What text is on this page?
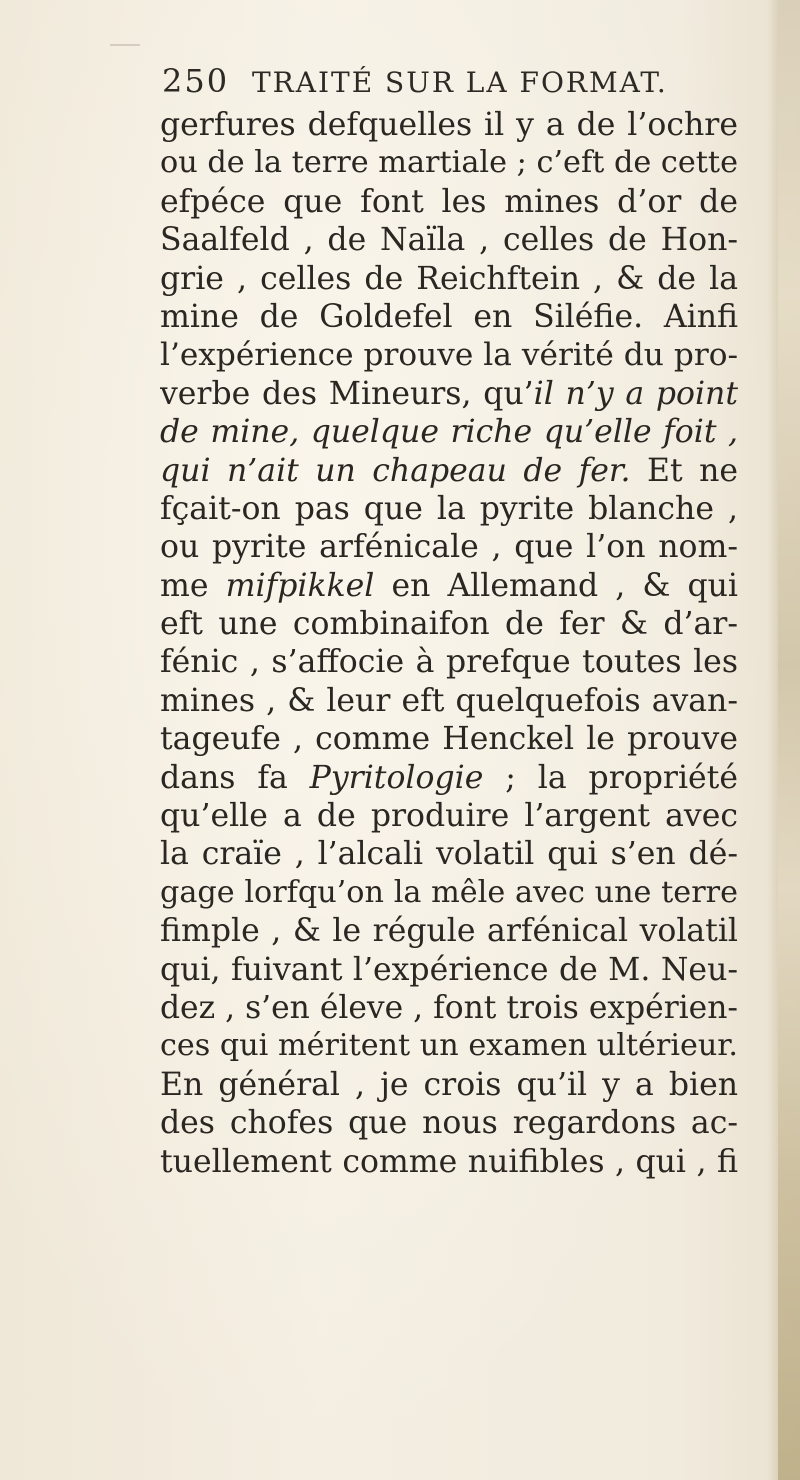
250 TRAITÉ SUR LA FORMAT.
gerfures defquelles il y a de l’ochre
ou de la terre martiale ; c’eft de cette
efpéce que font les mines d’or de
Saalfeld , de Naïla , celles de Hon-
grie , celles de Reichftein , & de la
mine de Goldefel en Siléfie. Ainfi
l’expérience prouve la vérité du pro-
verbe des Mineurs, qu’il n’y a point
de mine, quelque riche qu’elle foit ,
qui n’ait un chapeau de fer. Et ne
fçait-on pas que la pyrite blanche ,
ou pyrite arfénicale , que l’on nom-
me mifpikkel en Allemand , & qui
eft une combinaifon de fer & d’ar-
fénic , s’affocie à prefque toutes les
mines , & leur eft quelquefois avan-
tageufe , comme Henckel le prouve
dans fa Pyritologie ; la propriété
qu’elle a de produire l’argent avec
la craïe , l’alcali volatil qui s’en dé-
gage lorfqu’on la mêle avec une terre
fimple , & le régule arfénical volatil
qui, fuivant l’expérience de M. Neu-
dez , s’en éleve , font trois expérien-
ces qui méritent un examen ultérieur.
En général , je crois qu’il y a bien
des chofes que nous regardons ac-
tuellement comme nuifibles , qui , fi
